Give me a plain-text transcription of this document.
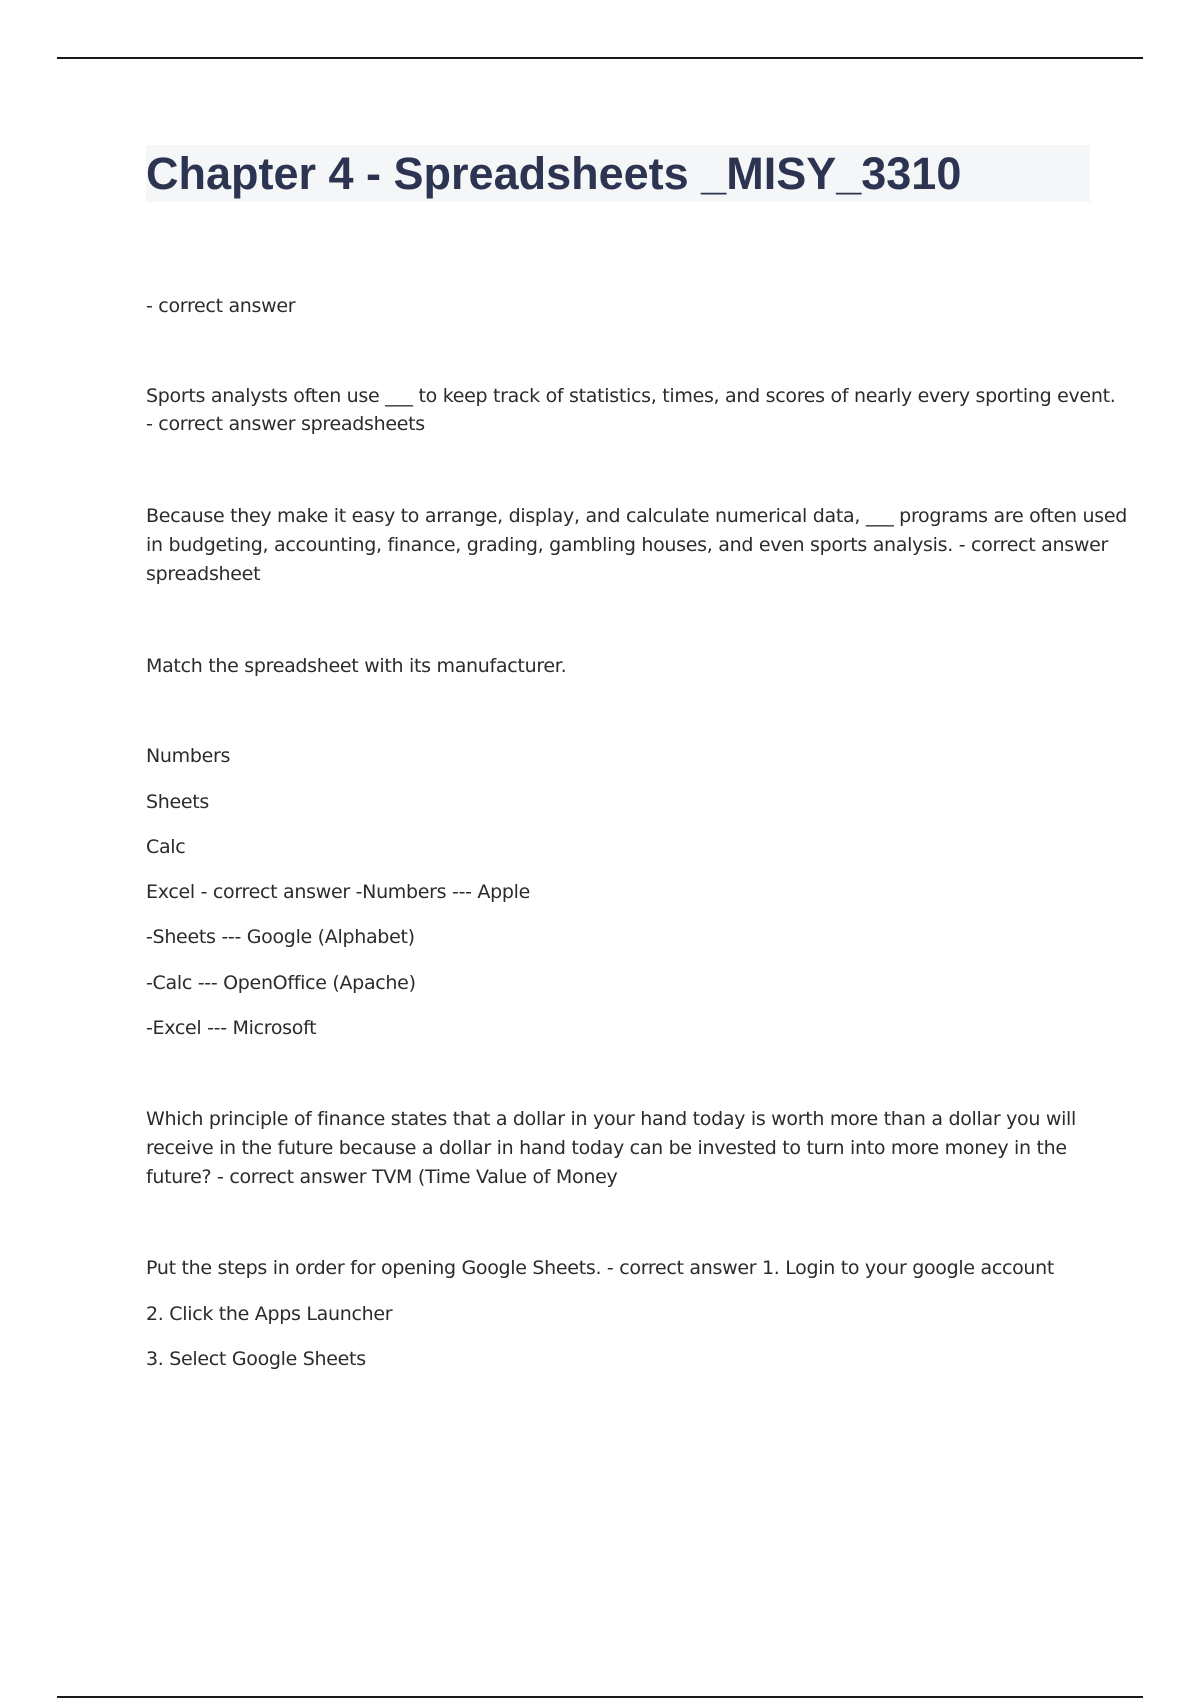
Chapter 4 - Spreadsheets _MISY_3310

- correct answer

Sports analysts often use ___ to keep track of statistics, times, and scores of nearly every sporting event.

- correct answer spreadsheets

Because they make it easy to arrange, display, and calculate numerical data, ___ programs are often used

in budgeting, accounting, finance, grading, gambling houses, and even sports analysis. - correct answer

spreadsheet

Match the spreadsheet with its manufacturer.

Numbers

Sheets

Calc

Excel - correct answer -Numbers --- Apple

-Sheets --- Google (Alphabet)

-Calc --- OpenOffice (Apache)

-Excel --- Microsoft

Which principle of finance states that a dollar in your hand today is worth more than a dollar you will

receive in the future because a dollar in hand today can be invested to turn into more money in the

future? - correct answer TVM (Time Value of Money

Put the steps in order for opening Google Sheets. - correct answer 1. Login to your google account

2. Click the Apps Launcher

3. Select Google Sheets
